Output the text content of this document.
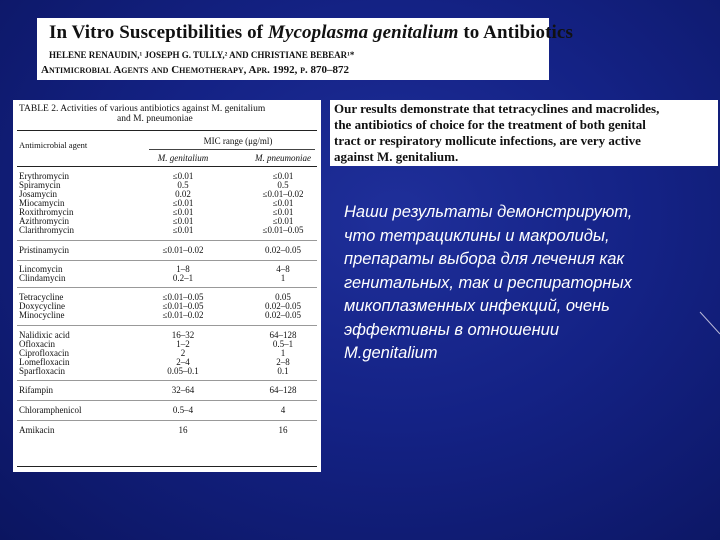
In Vitro Susceptibilities of Mycoplasma genitalium to Antibiotics
HELENE RENAUDIN,¹ JOSEPH G. TULLY,² AND CHRISTIANE BEBEAR¹*
Antimicrobial Agents and Chemotherapy, Apr. 1992, p. 870–872
TABLE 2. Activities of various antibiotics against M. genitalium
and M. pneumoniae
Antimicrobial agent	MIC range (μg/ml)
M. genitalium	M. pneumoniae
Erythromycin	≤0.01	≤0.01
Spiramycin	0.5	0.5
Josamycin	0.02	≤0.01–0.02
Miocamycin	≤0.01	≤0.01
Roxithromycin	≤0.01	≤0.01
Azithromycin	≤0.01	≤0.01
Clarithromycin	≤0.01	≤0.01–0.05
Pristinamycin	≤0.01–0.02	0.02–0.05
Lincomycin	1–8	4–8
Clindamycin	0.2–1	1
Tetracycline	≤0.01–0.05	0.05
Doxycycline	≤0.01–0.05	0.02–0.05
Minocycline	≤0.01–0.02	0.02–0.05
Nalidixic acid	16–32	64–128
Ofloxacin	1–2	0.5–1
Ciprofloxacin	2	1
Lomefloxacin	2–4	2–8
Sparfloxacin	0.05–0.1	0.1
Rifampin	32–64	64–128
Chloramphenicol	0.5–4	4
Amikacin	16	16
Our results demonstrate that tetracyclines and macrolides,
the antibiotics of choice for the treatment of both genital
tract or respiratory mollicute infections, are very active
against M. genitalium.
Наши результаты демонстрируют,
что тетрациклины и макролиды,
препараты выбора для лечения как
генитальных, так и респираторных
микоплазменных инфекций, очень
эффективны в отношении
M.genitalium
